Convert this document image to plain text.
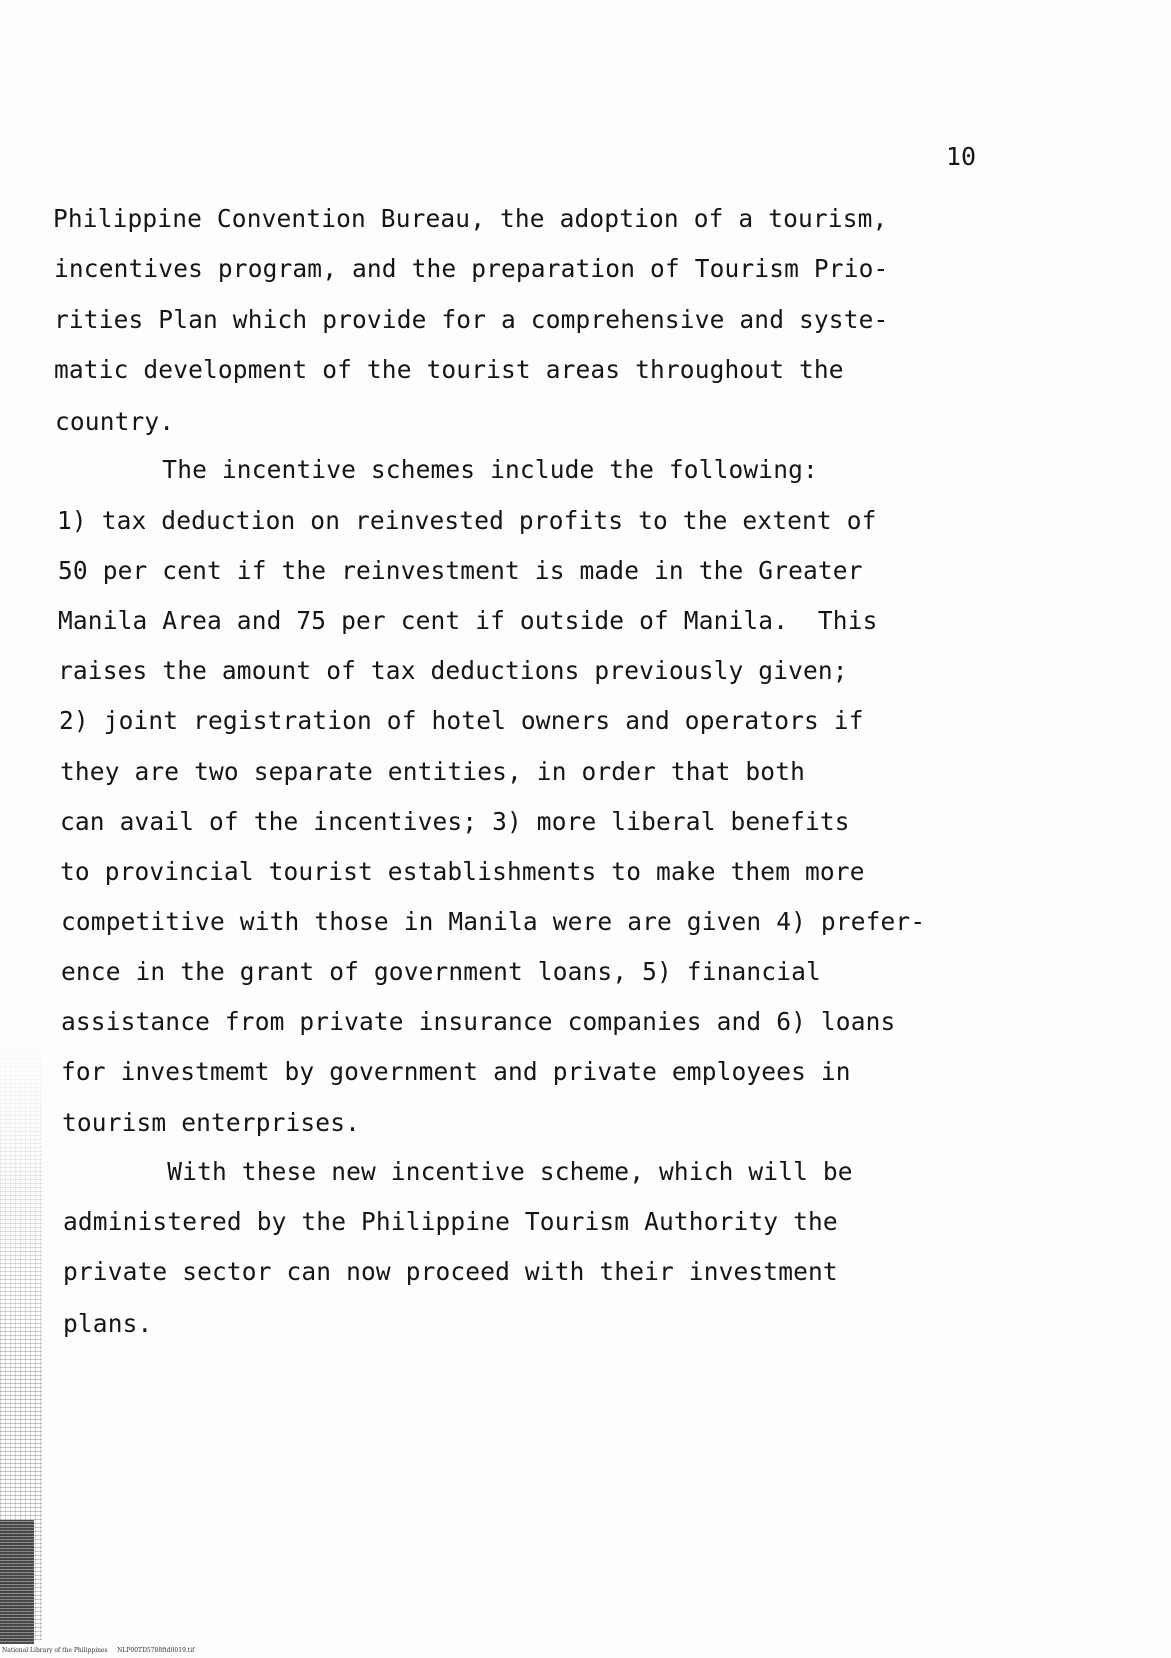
10
Philippine Convention Bureau, the adoption of a tourism,
incentives program, and the preparation of Tourism Prio-
rities Plan which provide for a comprehensive and syste-
matic development of the tourist areas throughout the
country.
The incentive schemes include the following:
1) tax deduction on reinvested profits to the extent of
50 per cent if the reinvestment is made in the Greater
Manila Area and 75 per cent if outside of Manila.  This
raises the amount of tax deductions previously given;
2) joint registration of hotel owners and operators if
they are two separate entities, in order that both
can avail of the incentives; 3) more liberal benefits
to provincial tourist establishments to make them more
competitive with those in Manila were are given 4) prefer-
ence in the grant of government loans, 5) financial
assistance from private insurance companies and 6) loans
for investmemt by government and private employees in
tourism enterprises.
With these new incentive scheme, which will be
administered by the Philippine Tourism Authority the
private sector can now proceed with their investment
plans.
National Library of the Philippines     NLP00TD5788ftd0019.tif
